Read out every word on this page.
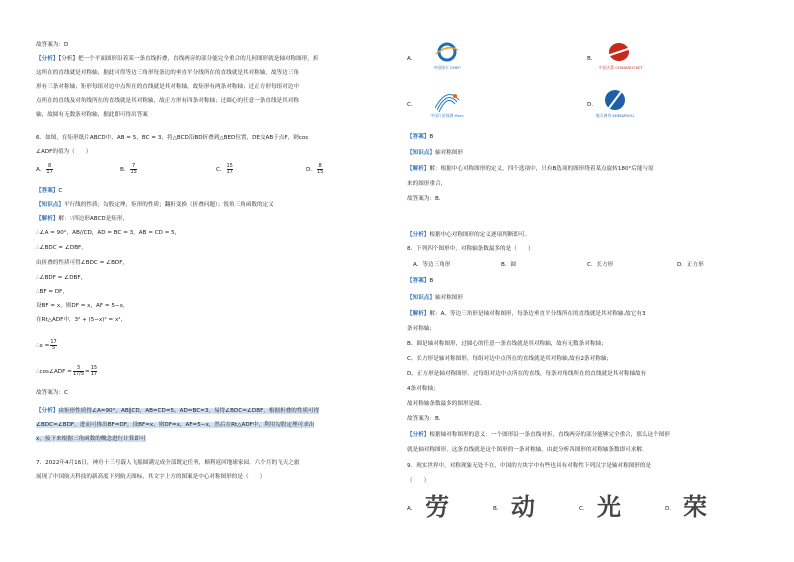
故答案为：D
【分析】【分析】把一个平面图形沿着某一条直线折叠，直线两旁的部分能完全重合的几何图形就是轴对称图形，折
这所在的直线就是对称轴，据此可得等边三角形每条边的垂直平分线所在的直线就是其对称轴，故等边三角
形有三条对称轴；矩形每组对边中点所在的直线就是其对称轴，故矩形有两条对称轴；过正方形每组对边中
点所在的直线及对角线所在的直线就是其对称轴，故正方形有四条对称轴；过圆心的任意一条直线是其对称
轴，故圆有无数条对称轴，据此即可得出答案
6．如图，在矩形纸片ABCD中，AB = 5，BC = 3，将△BCD沿BD折叠到△BED位置，DE交AB于点F，则cos
∠ADF的值为（　　）
A． $\frac{8}{17}$	B． $\frac{7}{15}$	C． $\frac{15}{17}$	D． $\frac{8}{15}$
【答案】C
【知识点】平行线的性质；勾股定理；矩形的性质；翻折变换（折叠问题）；锐角三角函数的定义
【解析】解：∵四边形ABCD是矩形，
∴∠A = 90°，AB//CD，AD = BC = 3，AB = CD = 5，
∴∠BDC = ∠DBF，
由折叠的性质可得∠BDC = ∠BDF，
∴∠BDF = ∠DBF，
∴BF = DF，
设BF = x，则DF = x，AF = 5−x，
在Rt△ADF中，3² + (5−x)² = x²，
∴x = $\frac{17}{5}$
∴cos∠ADF = $\frac{3}{17/5} = \frac{15}{17}$
故答案为：C
【分析】由矩形性质得∠A=90°，AB∥CD，AB=CD=5，AD=BC=3，易得∠BDC=∠DBF，根据折叠的性质可得
∠BDC=∠BDF，进而可推出BF=DF，设BF=x，则DF=x，AF=5−x，然后在Rt△ADF中，利用勾股定理可求出
x，接下来根据三角函数的概念进行计算即可
7．2022年4月16日，神舟十三号载人飞船圆满完成全部既定任务，顺利返回地球家园．六个月的飞天之旅
展现了中国航天科技的新高度下列航天图标，其文字上方的图案是中心对称图形的是（　　）
A．
中国探火 CMEP
B．
中国火箭 CHINAROCKET
C．
中国行星探测 Mars
D．
航天神舟 SHENZHOU
【答案】B
【知识点】轴对称图形
【解析】解：根据中心对称图形的定义，四个选项中，只有B选项的图形绕着某点旋转180°后能与原
来的图形重合，
故答案为：B．
【分析】根据中心对称图形的定义逐项判断即可。
8．下列四个图形中，对称轴条数最多的是（　　）
A．等边三角形	B．圆	C．长方形	D．正方形
【答案】B
【知识点】轴对称图形
【解析】解：A、等边三角形是轴对称图形，每条边垂直平分线所在的直线就是其对称轴,故它有3
条对称轴；
B、圆是轴对称图形，过圆心的任意一条直线就是其对称轴，故有无数条对称轴；
C、长方形是轴对称图形，每组对边中点所在的直线就是其对称轴,故有2条对称轴；
D、正方形是轴对称图形，过每组对边中点所在的直线，每条对角线所在的直线就是其对称轴故有
4条对称轴；
故对称轴条数最多的图形是圆．
故答案为：B．
【分析】根据轴对称图形的意义：一个图形沿一条直线对折，直线两旁的部分能够完全重合，那么这个图形
就是轴对称图形，这条直线就是这个图形的一条对称轴，由此分析各图形的对称轴条数即可求解．
9．现实世界中，对称现象无处不在，中国的方块字中有些也具有对称性下列汉字是轴对称图形的是
（　　）
A． 劳	B． 动	C． 光	D． 荣
